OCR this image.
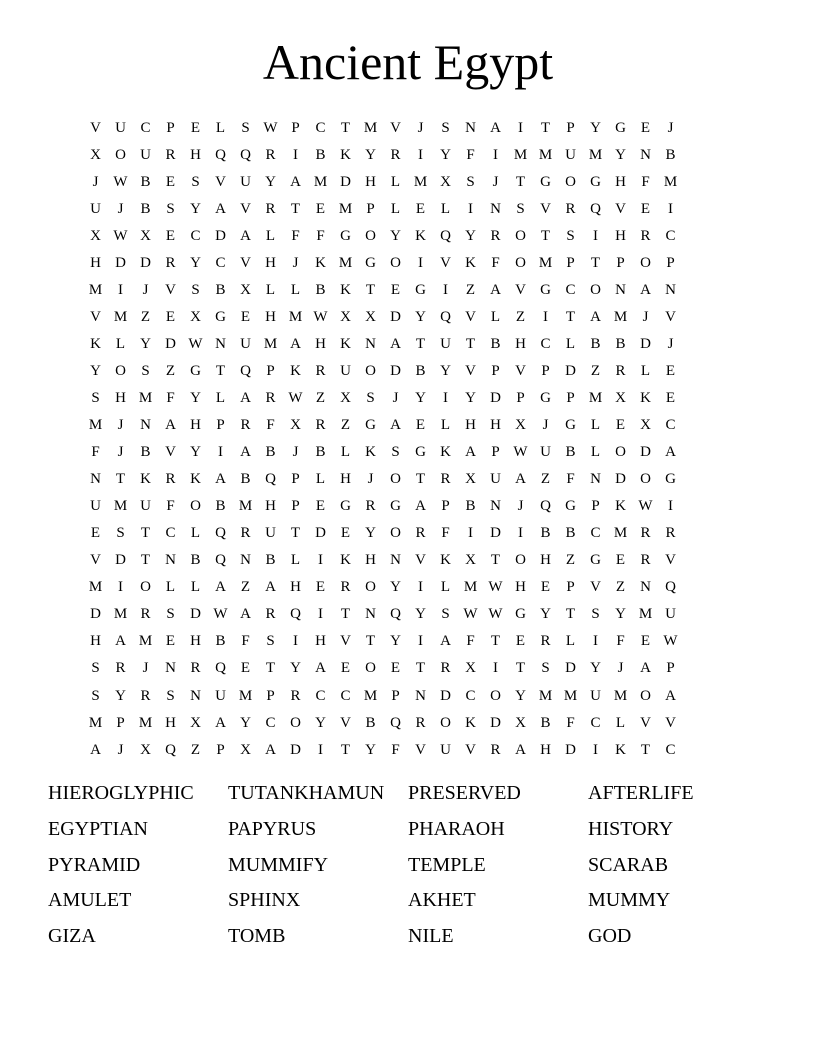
Ancient Egypt
V U C	P	E	L	S W P	C	T M V	J	S	N A	I	T	P	Y G E	J
X O U R H Q Q R	I	B K Y R	I	Y	F	I	M M U M Y N B
J W B	E	S	V U Y A M D H L M X	S	J	T	G O G H	F M
U	J	B	S	Y A V R	T	E M P	L	E	L	I	N	S	V R Q V E	I
X W X E	C D A L	F	F	G O Y K Q Y R O T	S	I	H R C
H D D R Y C V H	J	K M G O	I	V K	F	O M P	T	P	O	P
M	I	J	V	S	B X L	L	B K T	E	G	I	Z	A V G C O N A N
V M Z	E	X G E	H M W X X D Y Q V L	Z	I	T	A M	J	V
K L	Y D W N U M A H K N A T	U T	B H C	L	B B D	J
Y O	S	Z	G T	Q	P	K R U O D B Y V	P	V	P	D Z	R	L	E
S	H M F	Y L	A R W Z	X	S	J	Y	I	Y D	P	G	P M X K E
M	J	N A H	P	R	F	X R	Z	G A E	L	H H X	J	G L	E	X C
F	J	B V Y	I	A B	J	B	L	K	S	G K A	P W U B	L	O D A
N T	K R K A B Q	P	L	H	J	O T	R X U A Z	F	N D O G
U M U	F	O B M H	P	E	G R G A	P	B N	J	Q G	P	K W	I
E	S	T	C	L	Q R U T	D E	Y O R	F	I	D	I	B B C M R R
V D T	N B Q N B	L	I	K H N V K X T	O H Z	G E	R V
M	I	O L	L	A Z	A H E	R O Y	I	L M W H E	P	V Z	N Q
D M R	S	D W A R Q	I	T	N Q Y	S W W G Y T	S	Y M U
H A M E	H B	F	S	I	H V T	Y	I	A	F	T	E	R	L	I	F	E W
S	R	J	N R Q E	T	Y A E	O E	T	R X	I	T	S	D Y	J	A	P
S	Y R	S	N U M P	R C C M P	N D C O Y M M U M O A
M P M H X A Y C O Y V B Q R O K D X B	F	C	L	V V
A	J	X Q Z	P	X A D	I	T	Y	F	V U V R A H D	I	K T	C
HIEROGLYPHIC	TUTANKHAMUN	PRESERVED	AFTERLIFE
EGYPTIAN	PAPYRUS	PHARAOH	HISTORY
PYRAMID	MUMMIFY	TEMPLE	SCARAB
AMULET	SPHINX	AKHET	MUMMY
GIZA	TOMB	NILE	GOD
